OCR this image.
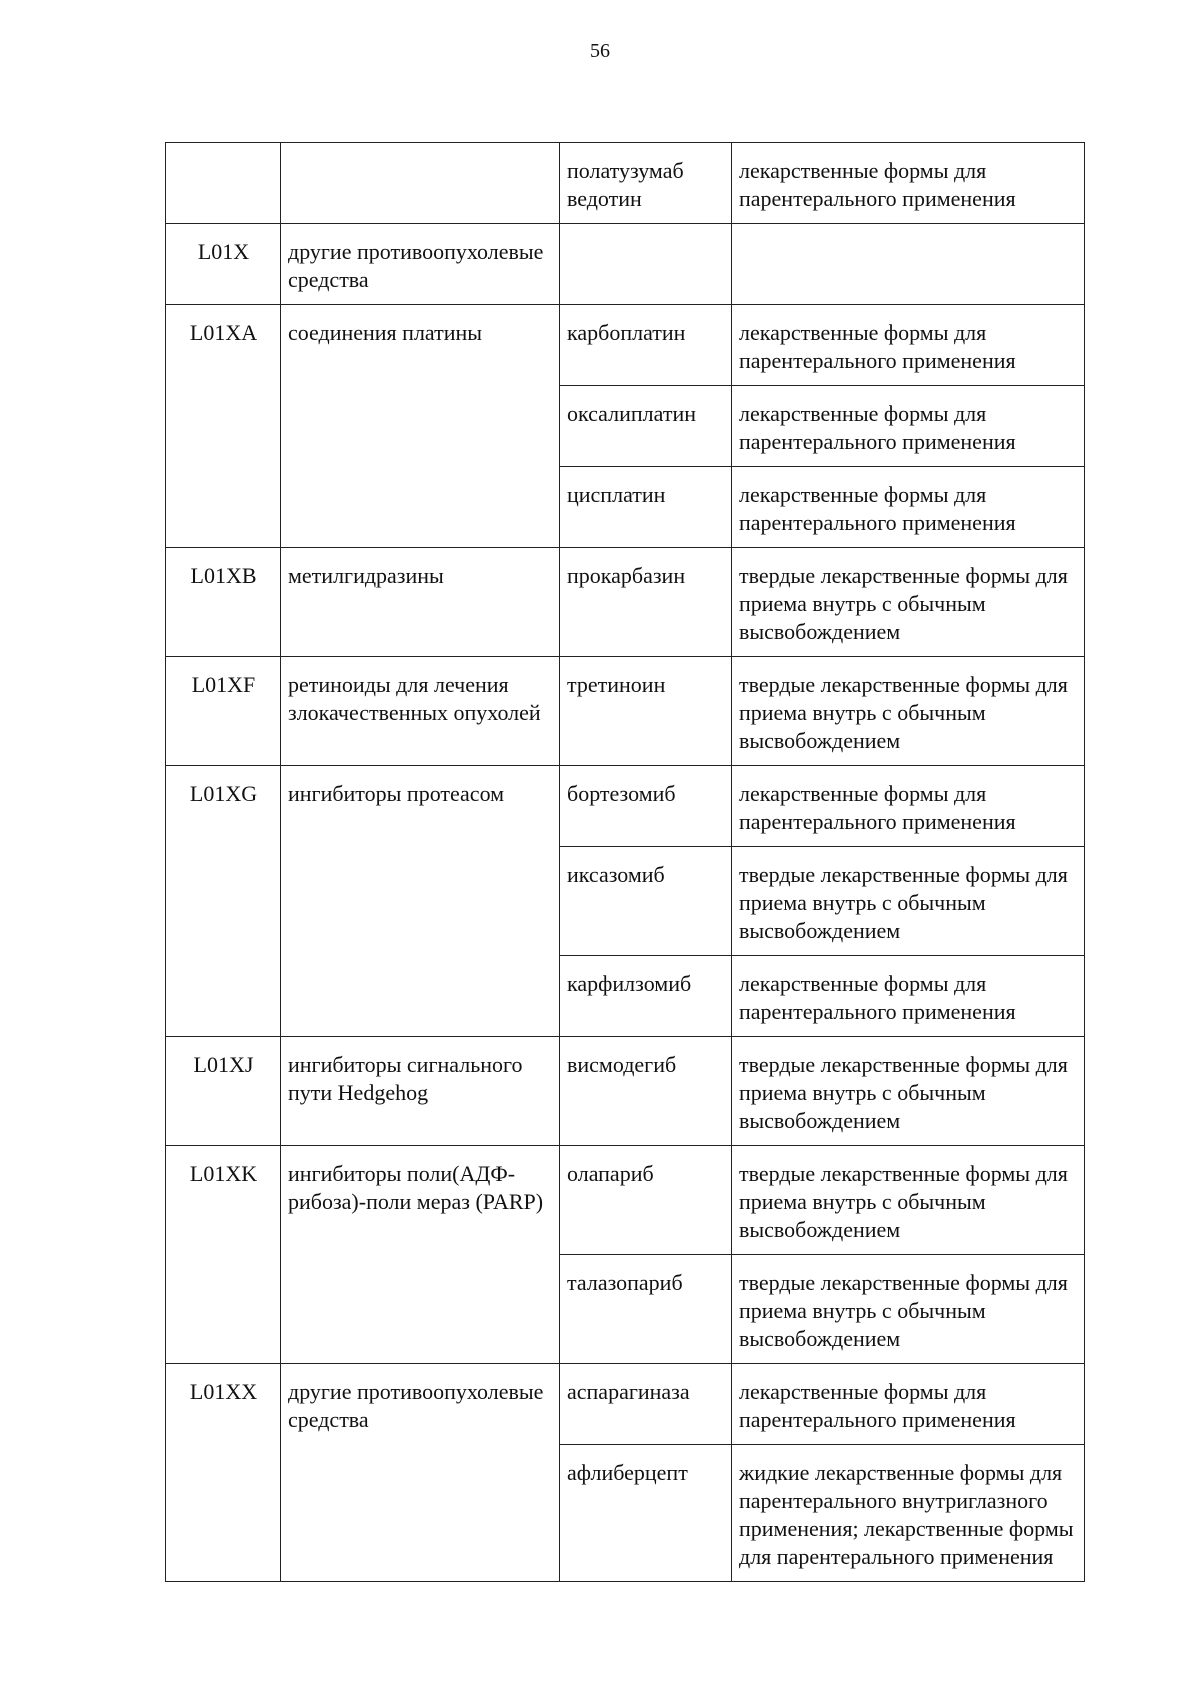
56
		полатузумаб ведотин	лекарственные формы для парентерального применения
L01X	другие противоопухолевые средства		
L01XA	соединения платины	карбоплатин	лекарственные формы для парентерального применения
		оксалиплатин	лекарственные формы для парентерального применения
		цисплатин	лекарственные формы для парентерального применения
L01XB	метилгидразины	прокарбазин	твердые лекарственные формы для приема внутрь с обычным высвобождением
L01XF	ретиноиды для лечения злокачественных опухолей	третиноин	твердые лекарственные формы для приема внутрь с обычным высвобождением
L01XG	ингибиторы протеасом	бортезомиб	лекарственные формы для парентерального применения
		иксазомиб	твердые лекарственные формы для приема внутрь с обычным высвобождением
		карфилзомиб	лекарственные формы для парентерального применения
L01XJ	ингибиторы сигнального пути Hedgehog	висмодегиб	твердые лекарственные формы для приема внутрь с обычным высвобождением
L01XK	ингибиторы поли(АДФ-рибоза)-поли мераз (PARP)	олапариб	твердые лекарственные формы для приема внутрь с обычным высвобождением
		талазопариб	твердые лекарственные формы для приема внутрь с обычным высвобождением
L01XX	другие противоопухолевые средства	аспарагиназа	лекарственные формы для парентерального применения
		афлиберцепт	жидкие лекарственные формы для парентерального внутриглазного применения; лекарственные формы для парентерального применения
